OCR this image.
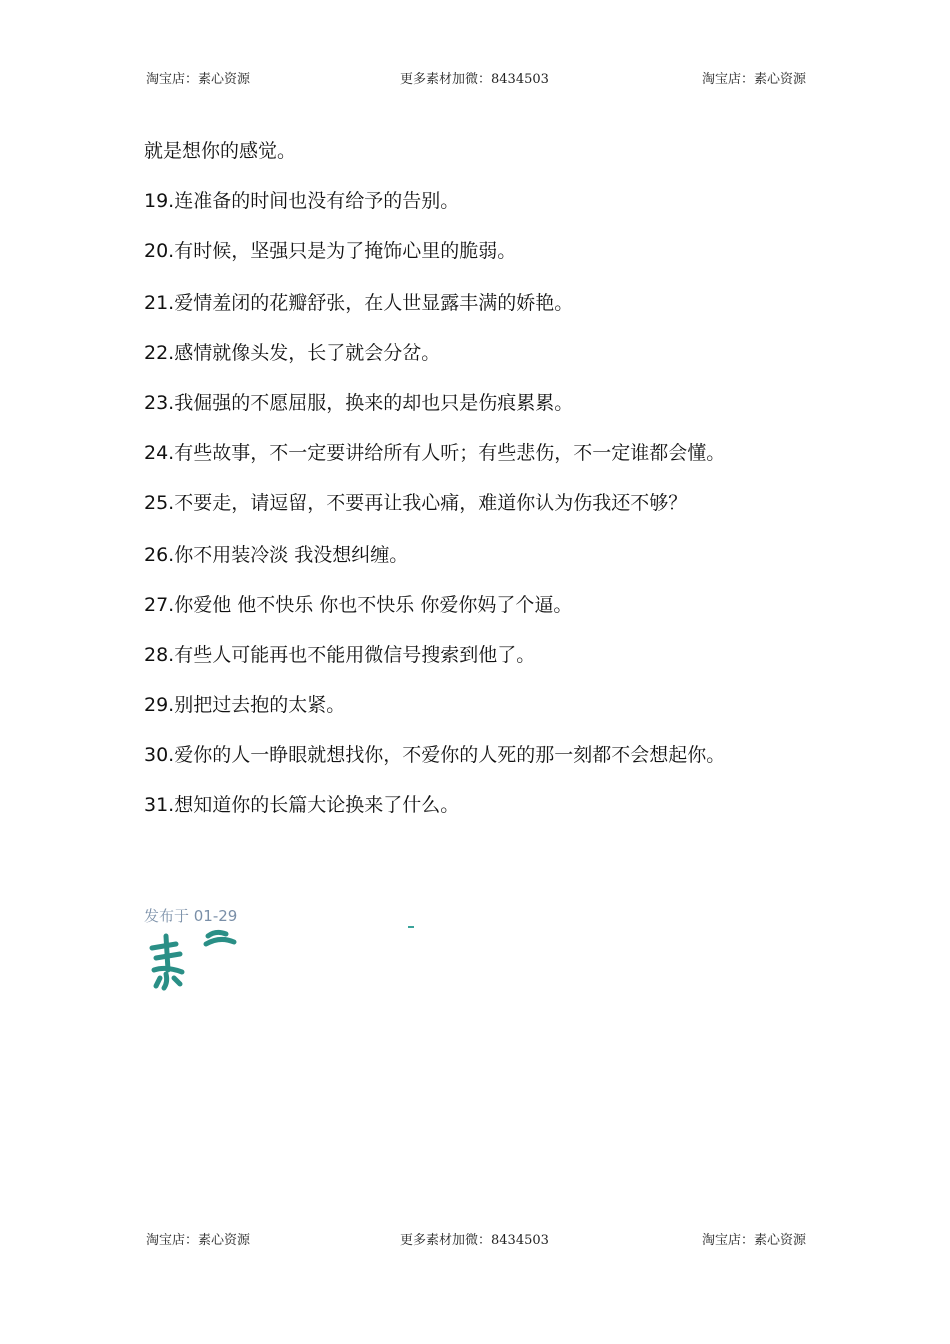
淘宝店：素心资源	更多素材加微：8434503	淘宝店：素心资源
就是想你的感觉。
19.连准备的时间也没有给予的告别。
20.有时候，坚强只是为了掩饰心里的脆弱。
21.爱情羞闭的花瓣舒张，在人世显露丰满的娇艳。
22.感情就像头发，长了就会分岔。
23.我倔强的不愿屈服，换来的却也只是伤痕累累。
24.有些故事，不一定要讲给所有人听；有些悲伤，不一定谁都会懂。
25.不要走，请逗留，不要再让我心痛，难道你认为伤我还不够？
26.你不用装冷淡 我没想纠缠。
27.你爱他 他不快乐 你也不快乐 你爱你妈了个逼。
28.有些人可能再也不能用微信号搜索到他了。
29.别把过去抱的太紧。
30.爱你的人一睁眼就想找你，不爱你的人死的那一刻都不会想起你。
31.想知道你的长篇大论换来了什么。
发布于 01-29
淘宝店：素心资源	更多素材加微：8434503	淘宝店：素心资源
